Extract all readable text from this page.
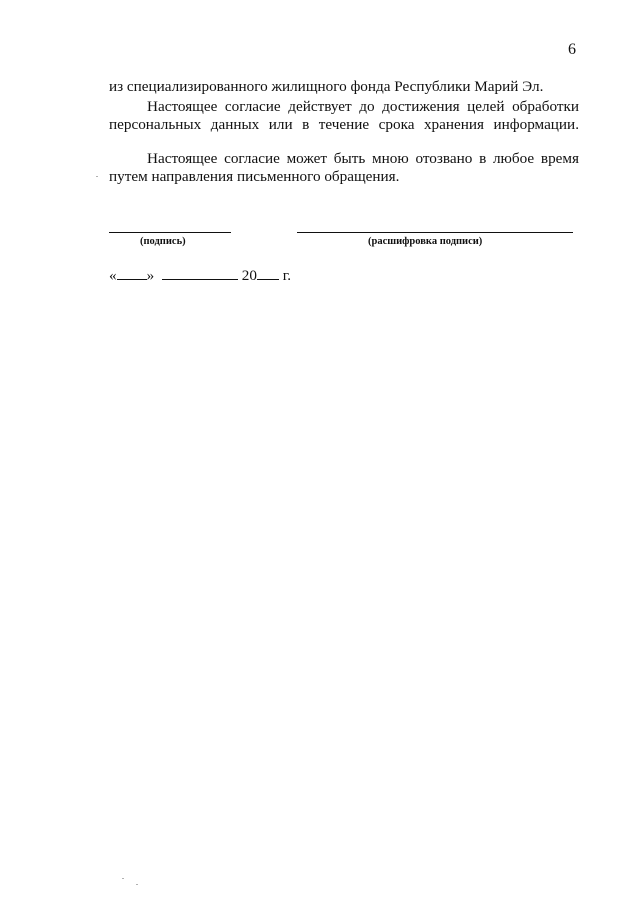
6
из специализированного жилищного фонда Республики Марий Эл.
Настоящее согласие действует до достижения целей обработки
персональных данных или в течение срока хранения информации.
Настоящее согласие может быть мною отозвано в любое время
путем направления письменного обращения.
(подпись)	(расшифровка подписи)
« »	20 г.
